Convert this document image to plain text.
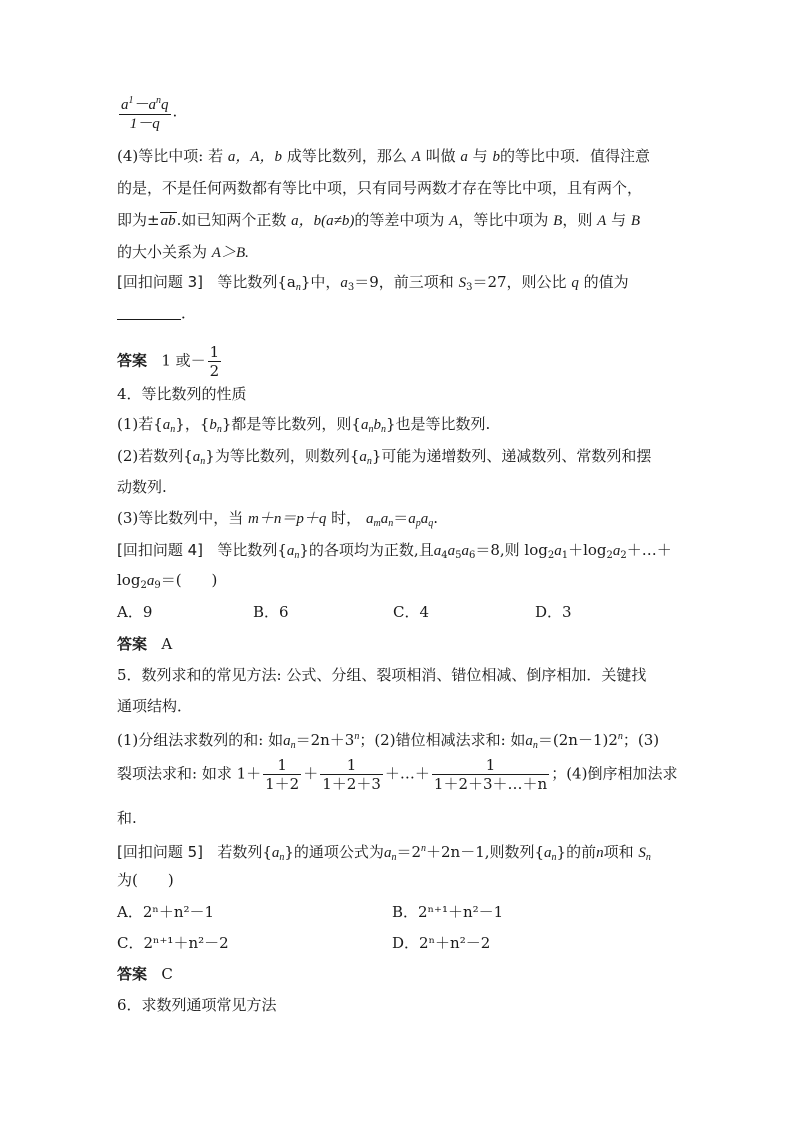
$\frac{a^1-a^nq}{1-q}$ .
(4)等比中项: 若 a，A，b 成等比数列，那么 A 叫做 a 与 b的等比中项．值得注意
的是，不是任何两数都有等比中项，只有同号两数才存在等比中项，且有两个，
即为±ab.如已知两个正数 a，b(a≠b)的等差中项为 A，等比中项为 B，则 A 与 B
的大小关系为 A＞B.
[回扣问题 3] 等比数列$\{a_n\}$中，$a_3=9$，前三项和 $S_3=27$，则公比 q 的值为
．
答案 1 或－ $\frac{1}{2}$
4．等比数列的性质
(1)若$\{a_n\}$，$\{b_n\}$都是等比数列，则$\{a_nb_n\}$也是等比数列.
(2)若数列$\{a_n\}$为等比数列，则数列$\{a_n\}$可能为递增数列、递减数列、常数列和摆
动数列.
(3)等比数列中，当 m＋n＝p＋q 时， $a_ma_n=a_pa_q$.
[回扣问题 4] 等比数列$\{a_n\}$的各项均为正数,且$a_4a_5a_6=8$,则 $\log_2a_1+\log_2a_2+\dots+$
$\log_2a_9=$(　　)
A．9	B．6	C．4	D．3
答案 A
5．数列求和的常见方法: 公式、分组、裂项相消、错位相减、倒序相加．关键找
通项结构．
(1)分组法求数列的和: 如$a_n=2n+3^n$；(2)错位相减法求和: 如$a_n=(2n-1)2^n$；(3)
裂项法求和: 如求 $1+ \frac{1}{1+2} + \frac{1}{1+2+3}$ ＋…＋ $\frac{1}{1+2+3+\dots+n}$ ；(4)倒序相加法求
和.
[回扣问题 5] 若数列$\{a_n\}$的通项公式为$a_n=2^n+2n-1$,则数列$\{a_n\}$的前n项和 $S_n$
为(　　)
A．2ⁿ＋n²－1	B．2ⁿ⁺¹＋n²－1
C．2ⁿ⁺¹＋n²－2	D．2ⁿ＋n²－2
答案 C
6．求数列通项常见方法
